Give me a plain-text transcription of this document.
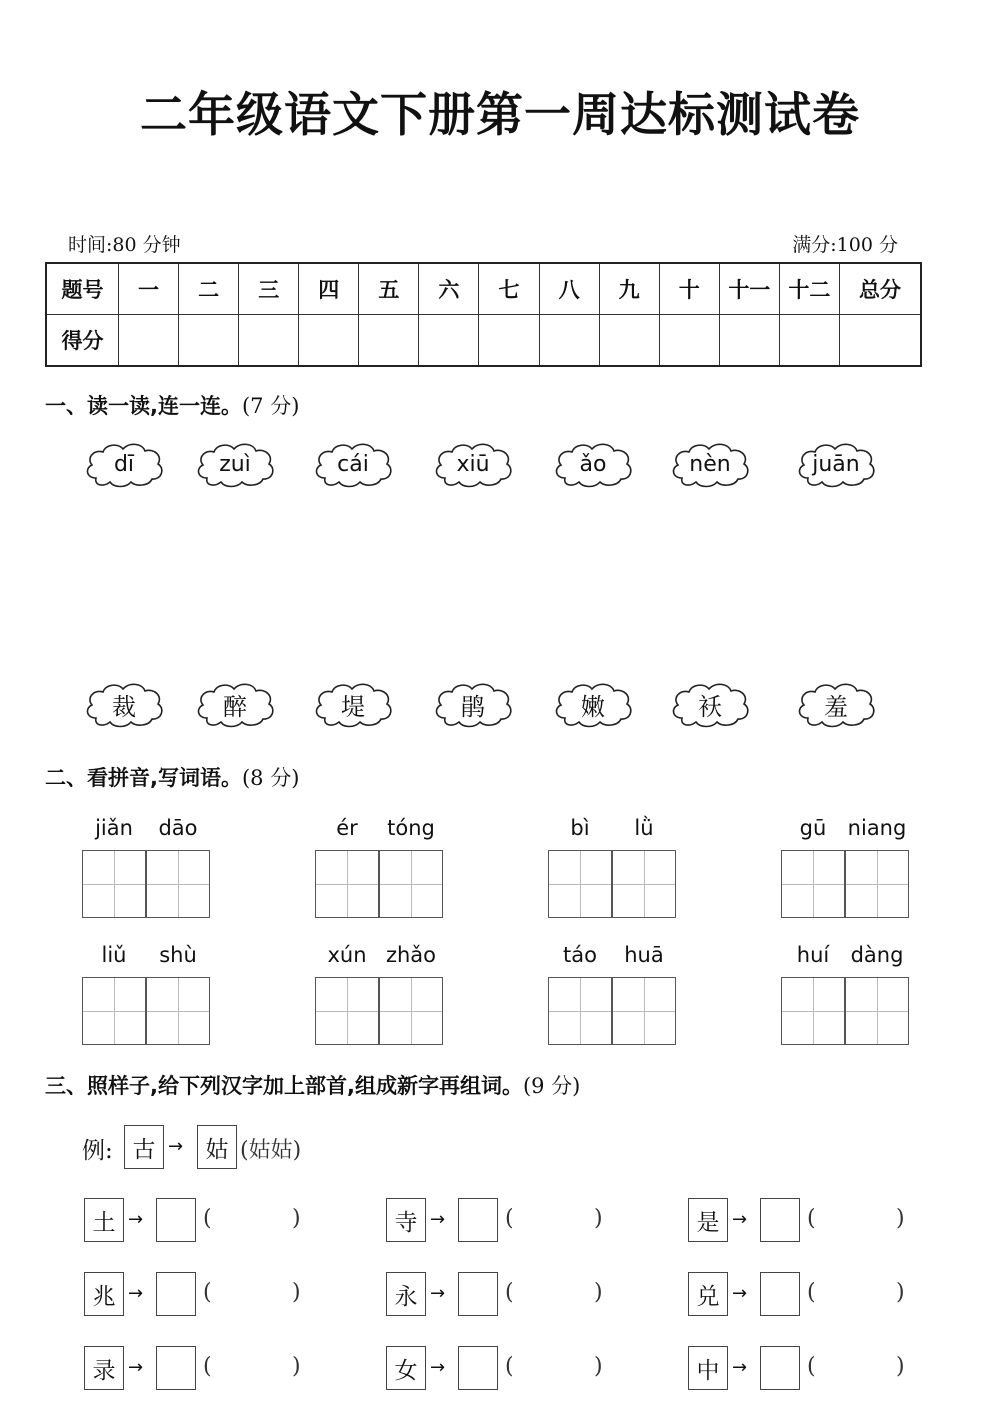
二年级语文下册第一周达标测试卷
时间:80 分钟	满分:100 分
题号	一	二	三	四	五	六	七	八	九	十	十一	十二	总分
得分													
一、读一读,连一连。(7 分)
dī	zuì	cái	xiū	ǎo	nèn	juān
裁	醉	堤	鹃	嫩	袄	羞
二、看拼音,写词语。(8 分)
jiǎn	dāo	ér	tóng	bì	lǜ	gū	niang
liǔ	shù	xún zhǎo	táo	huā	huí	dàng
三、照样子,给下列汉字加上部首,组成新字再组词。(9 分)
例: 古 → 姑 (姑姑)
土 →	(	)	寺 →	(	)	是 →	(	)
兆 →	(	)	永 →	(	)	兑 →	(	)
录 →	(	)	女 →	(	)	中 →	(	)
